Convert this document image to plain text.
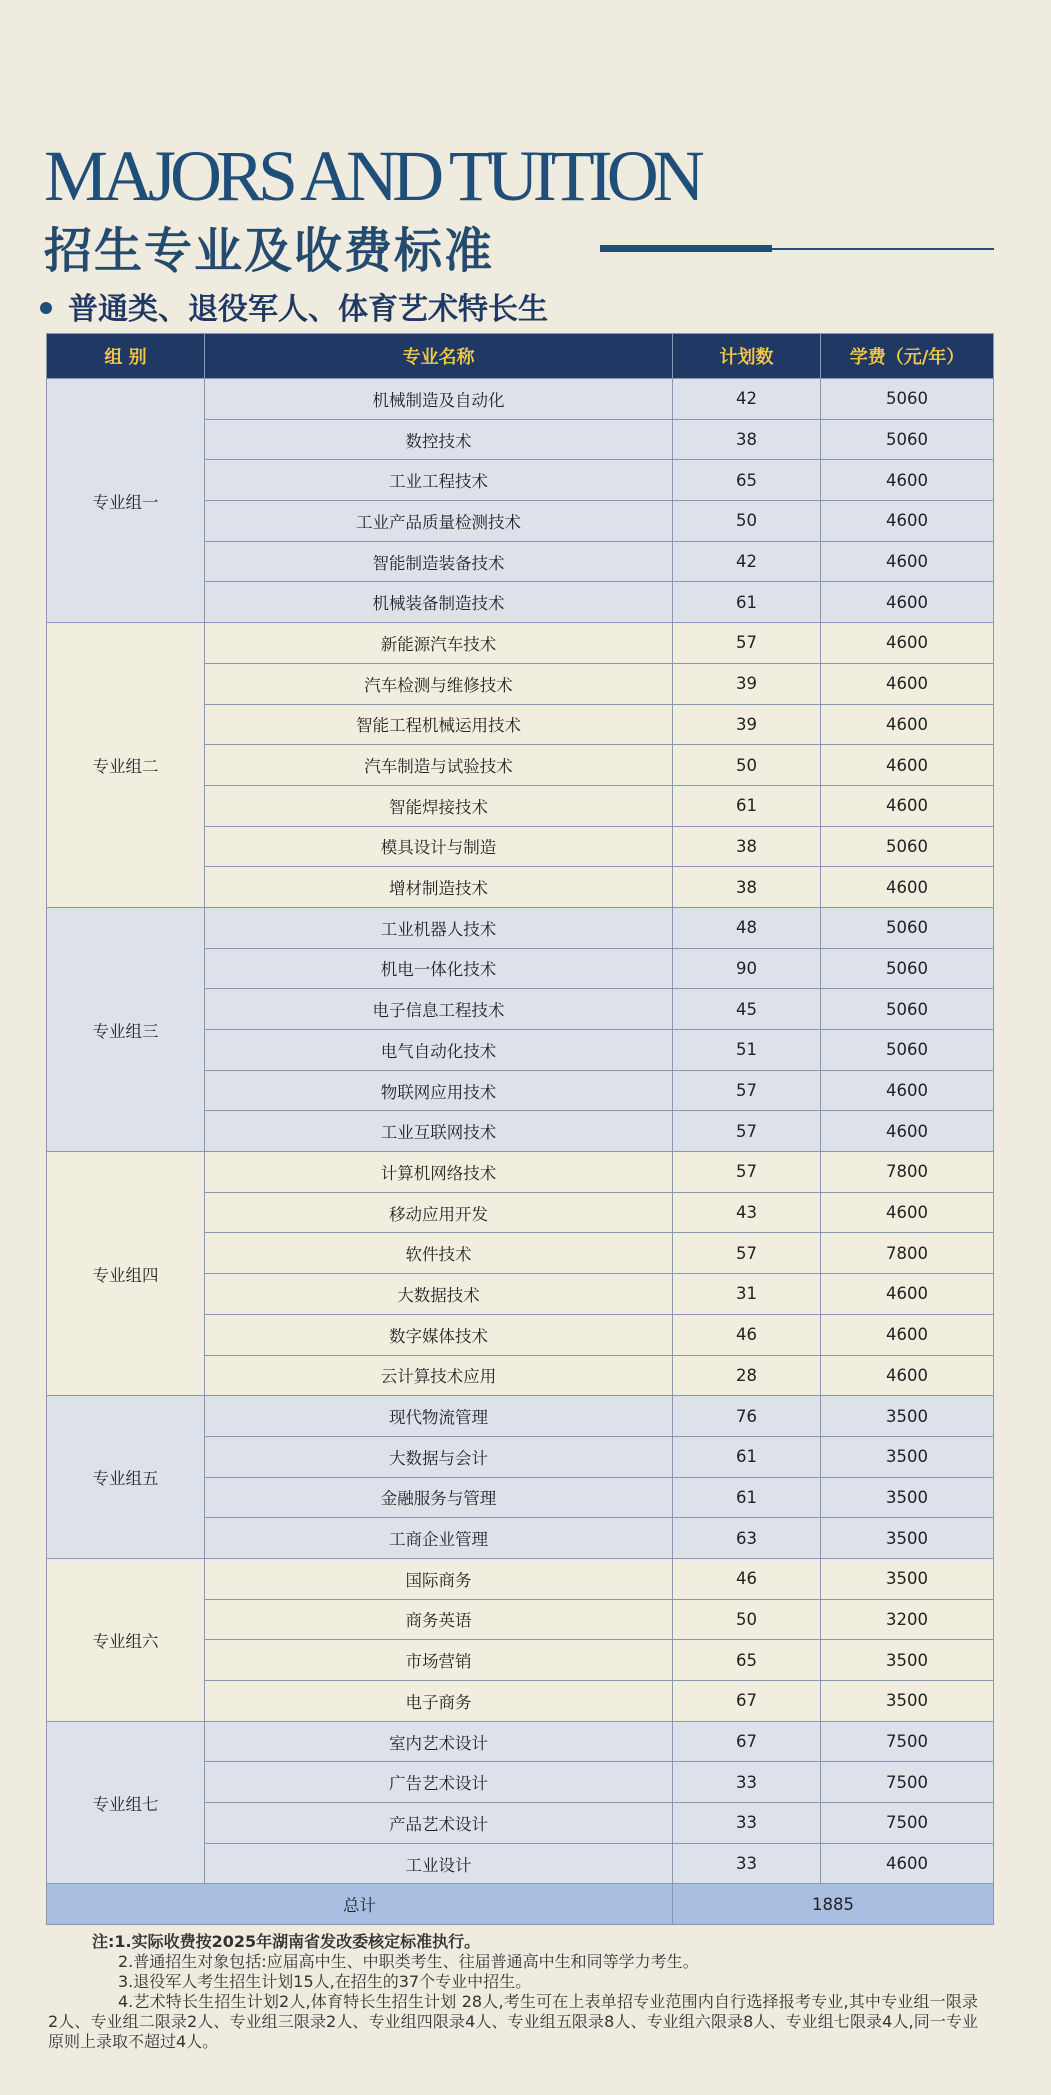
MAJORS AND TUITION
招生专业及收费标准
普通类、退役军人、体育艺术特长生
组 别	专业名称	计划数	学费（元/年）
专业组一	机械制造及自动化	42	5060
	数控技术	38	5060
	工业工程技术	65	4600
	工业产品质量检测技术	50	4600
	智能制造装备技术	42	4600
	机械装备制造技术	61	4600
专业组二	新能源汽车技术	57	4600
	汽车检测与维修技术	39	4600
	智能工程机械运用技术	39	4600
	汽车制造与试验技术	50	4600
	智能焊接技术	61	4600
	模具设计与制造	38	5060
	增材制造技术	38	4600
专业组三	工业机器人技术	48	5060
	机电一体化技术	90	5060
	电子信息工程技术	45	5060
	电气自动化技术	51	5060
	物联网应用技术	57	4600
	工业互联网技术	57	4600
专业组四	计算机网络技术	57	7800
	移动应用开发	43	4600
	软件技术	57	7800
	大数据技术	31	4600
	数字媒体技术	46	4600
	云计算技术应用	28	4600
专业组五	现代物流管理	76	3500
	大数据与会计	61	3500
	金融服务与管理	61	3500
	工商企业管理	63	3500
专业组六	国际商务	46	3500
	商务英语	50	3200
	市场营销	65	3500
	电子商务	67	3500
专业组七	室内艺术设计	67	7500
	广告艺术设计	33	7500
	产品艺术设计	33	7500
	工业设计	33	4600
总计		1885	

注:1.实际收费按2025年湖南省发改委核定标准执行。

2.普通招生对象包括:应届高中生、中职类考生、往届普通高中生和同等学力考生。

3.退役军人考生招生计划15人,在招生的37个专业中招生。

4.艺术特长生招生计划2人,体育特长生招生计划 28人,考生可在上表单招专业范围内自行选择报考专业,其中专业组一限录2人、专业组二限录2人、专业组三限录2人、专业组四限录4人、专业组五限录8人、专业组六限录8人、专业组七限录4人,同一专业原则上录取不超过4人。
